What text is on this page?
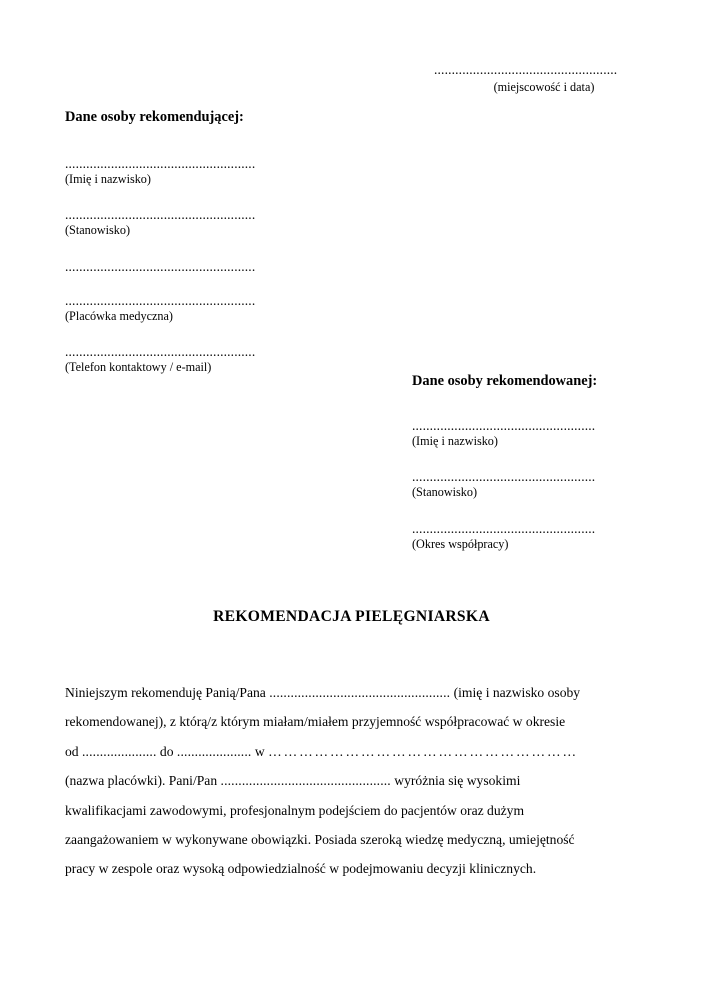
....................................................
(miejscowość i data)
Dane osoby rekomendującej:
......................................................
(Imię i nazwisko)
......................................................
(Stanowisko)
......................................................
......................................................
(Placówka medyczna)
......................................................
(Telefon kontaktowy / e-mail)
Dane osoby rekomendowanej:
....................................................
(Imię i nazwisko)
....................................................
(Stanowisko)
....................................................
(Okres współpracy)
REKOMENDACJA PIELĘGNIARSKA
Niniejszym rekomenduję Panią/Pana ................................................... (imię i nazwisko osoby
rekomendowanej), z którą/z którym miałam/miałem przyjemność współpracować w okresie
od ..................... do ..................... w ……………………………………………………
(nazwa placówki). Pani/Pan ................................................ wyróżnia się wysokimi
kwalifikacjami zawodowymi, profesjonalnym podejściem do pacjentów oraz dużym
zaangażowaniem w wykonywane obowiązki. Posiada szeroką wiedzę medyczną, umiejętność
pracy w zespole oraz wysoką odpowiedzialność w podejmowaniu decyzji klinicznych.
